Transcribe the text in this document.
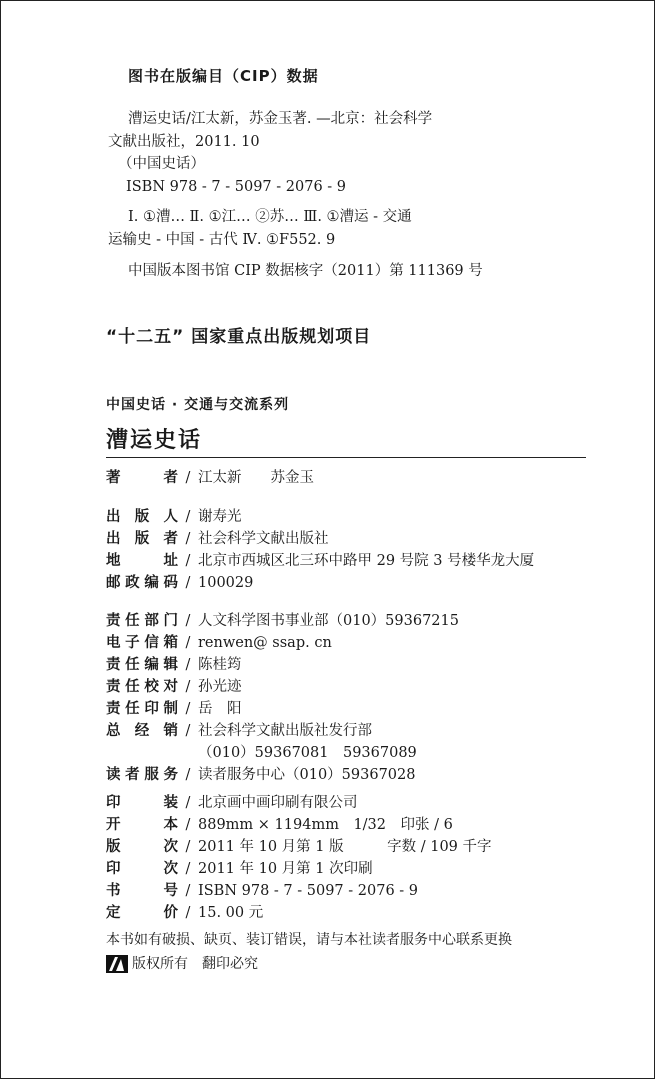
图书在版编目（CIP）数据
漕运史话/江太新，苏金玉著. —北京：社会科学
文献出版社，2011. 10
（中国史话）
ISBN 978 - 7 - 5097 - 2076 - 9
Ⅰ. ①漕… Ⅱ. ①江… ②苏… Ⅲ. ①漕运 - 交通
运输史 - 中国 - 古代 Ⅳ. ①F552. 9
中国版本图书馆 CIP 数据核字（2011）第 111369 号
“十二五” 国家重点出版规划项目
中国史话 · 交通与交流系列
漕运史话
著　者 / 江太新　　苏金玉
出版人 / 谢寿光
出版者 / 社会科学文献出版社
地　址 / 北京市西城区北三环中路甲 29 号院 3 号楼华龙大厦
邮政编码 / 100029
责任部门 / 人文科学图书事业部（010）59367215
电子信箱 / renwen@ ssap. cn
责任编辑 / 陈桂筠
责任校对 / 孙光迹
责任印制 / 岳　阳
总经销 / 社会科学文献出版社发行部
（010）59367081　59367089
读者服务 / 读者服务中心（010）59367028
印　装 / 北京画中画印刷有限公司
开　本 / 889mm × 1194mm　1/32　印张 / 6
版　次 / 2011 年 10 月第 1 版　　　字数 / 109 千字
印　次 / 2011 年 10 月第 1 次印刷
书　号 / ISBN 978 - 7 - 5097 - 2076 - 9
定　价 / 15. 00 元
本书如有破损、缺页、装订错误，请与本社读者服务中心联系更换
版权所有　翻印必究
